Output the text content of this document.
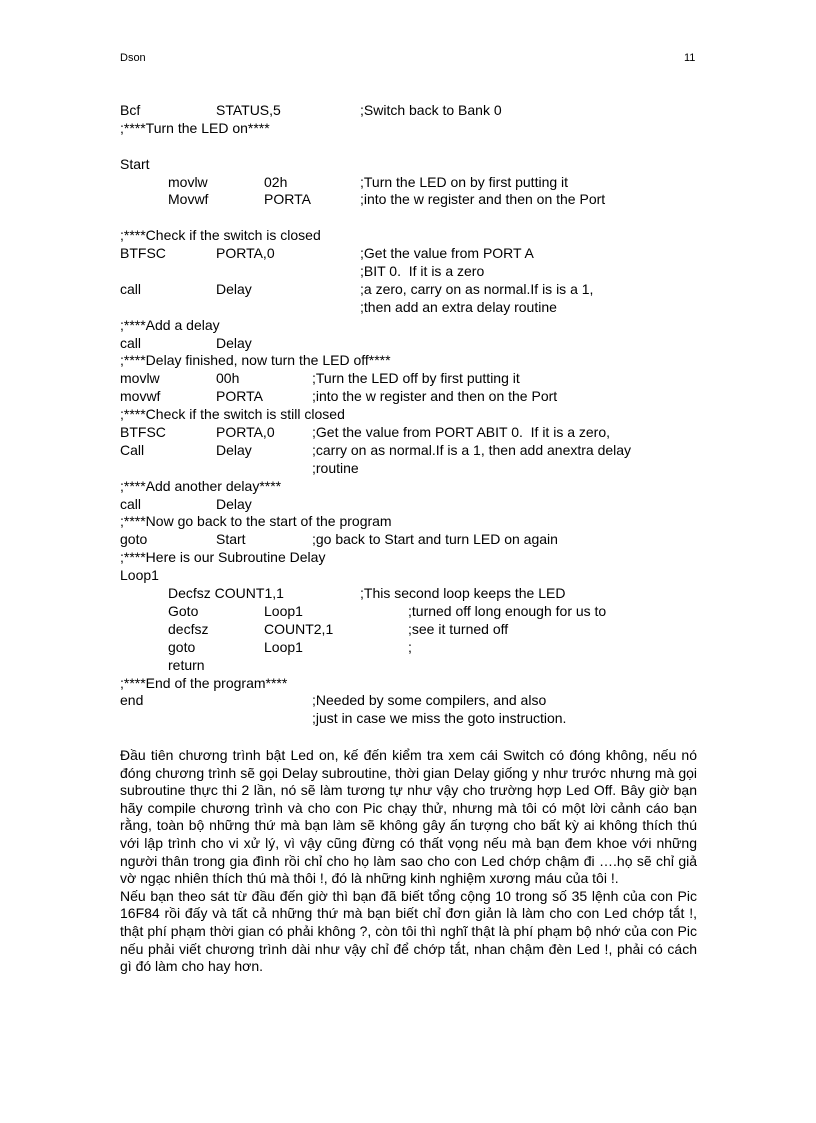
Dson	11
Bcf	STATUS,5	;Switch back to Bank 0
;****Turn the LED on****
Start
movlw	02h	;Turn the LED on by first putting it
Movwf	PORTA	;into the w register and then on the Port
;****Check if the switch is closed
BTFSC	PORTA,0	;Get the value from PORT A
;BIT 0.  If it is a zero
call	Delay	;a zero, carry on as normal.If is is a 1,
;then add an extra delay routine
;****Add a delay
call	Delay
;****Delay finished, now turn the LED off****
movlw	00h	;Turn the LED off by first putting it
movwf	PORTA	;into the w register and then on the Port
;****Check if the switch is still closed
BTFSC	PORTA,0	;Get the value from PORT ABIT 0.  If it is a zero,
Call	Delay	;carry on as normal.If is a 1, then add anextra delay
;routine
;****Add another delay****
call	Delay
;****Now go back to the start of the program
goto	Start	;go back to Start and turn LED on again
;****Here is our Subroutine Delay
Loop1
Decfsz COUNT1,1	;This second loop keeps the LED
Goto	Loop1	;turned off long enough for us to
decfsz	COUNT2,1	;see it turned off
goto	Loop1	;
return
;****End of the program****
end	;Needed by some compilers, and also
;just in case we miss the goto instruction.

Đầu tiên chương trình bật Led on, kế đến kiểm tra xem cái Switch có đóng không, nếu nó đóng chương trình sẽ gọi Delay subroutine, thời gian Delay giống y như trước nhưng mà gọi subroutine thực thi 2 lần, nó sẽ làm tương tự như vậy cho trường hợp Led Off. Bây giờ bạn hãy compile chương trình và cho con Pic chạy thử, nhưng mà tôi có một lời cảnh cáo bạn rằng, toàn bộ những thứ mà bạn làm sẽ không gây ấn tượng cho bất kỳ ai không thích thú với lập trình cho vi xử lý, vì vậy cũng đừng có thất vọng nếu mà bạn đem khoe với những người thân trong gia đình rồi chỉ cho họ làm sao cho con Led chớp chậm đi ….họ sẽ chỉ giả vờ ngạc nhiên thích thú mà thôi !, đó là những kinh nghiệm xương máu của tôi !.

Nếu bạn theo sát từ đầu đến giờ thì bạn đã biết tổng cộng 10 trong số 35 lệnh của con Pic 16F84 rồi đấy và tất cả những thứ mà bạn biết chỉ đơn giản là làm cho con Led chớp tắt !, thật phí phạm thời gian có phải không ?, còn tôi thì nghĩ thật là phí phạm bộ nhớ của con Pic nếu phải viết chương trình dài như vậy chỉ để chớp tắt, nhan chậm đèn Led !, phải có cách gì đó làm cho hay hơn.
